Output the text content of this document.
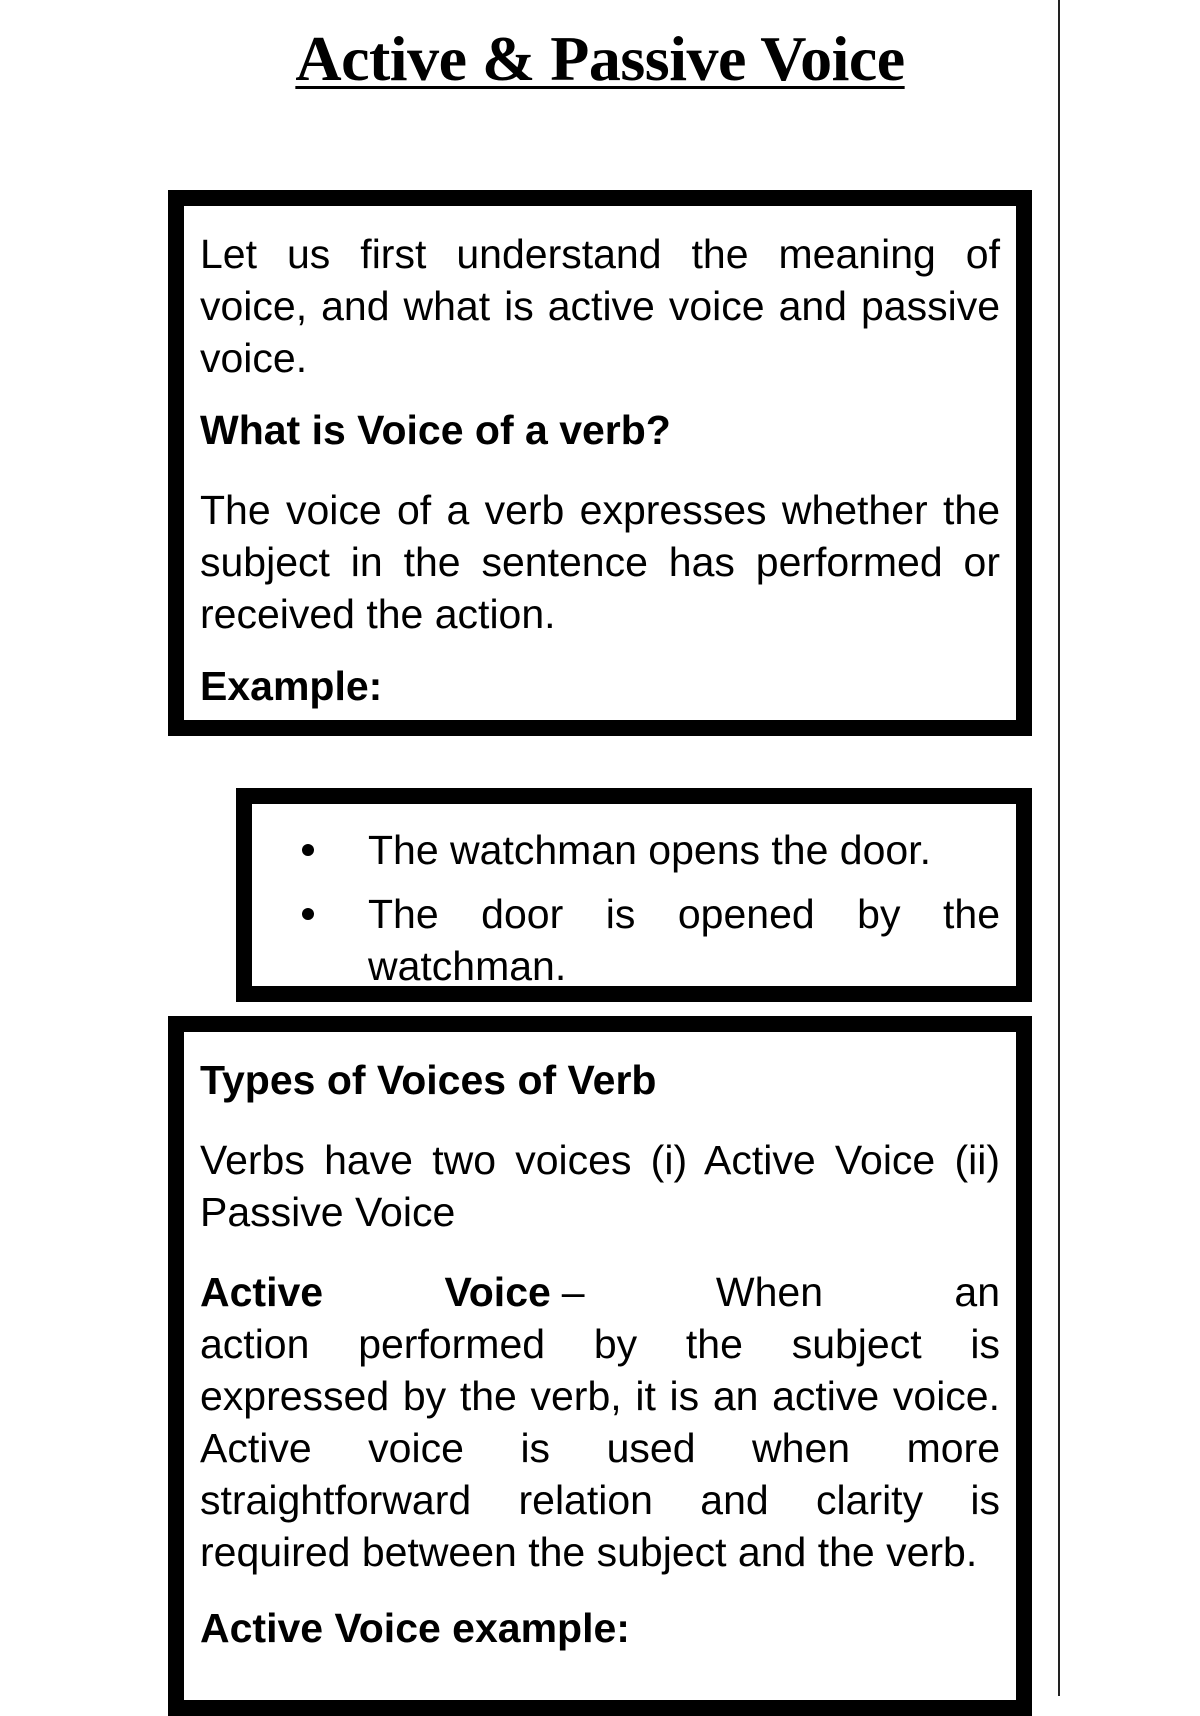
Active & Passive Voice

Let us first understand the meaning of voice, and what is active voice and passive voice.

What is Voice of a verb?

The voice of a verb expresses whether the subject in the sentence has performed or received the action.

Example:
The watchman opens the door.
The door is opened by the watchman.
Types of Voices of Verb

Verbs have two voices (i) Active Voice (ii) Passive Voice

Active Voice – When an

action performed by the subject is expressed by the verb, it is an active voice. Active voice is used when more straightforward relation and clarity is required between the subject and the verb.

Active Voice example:
